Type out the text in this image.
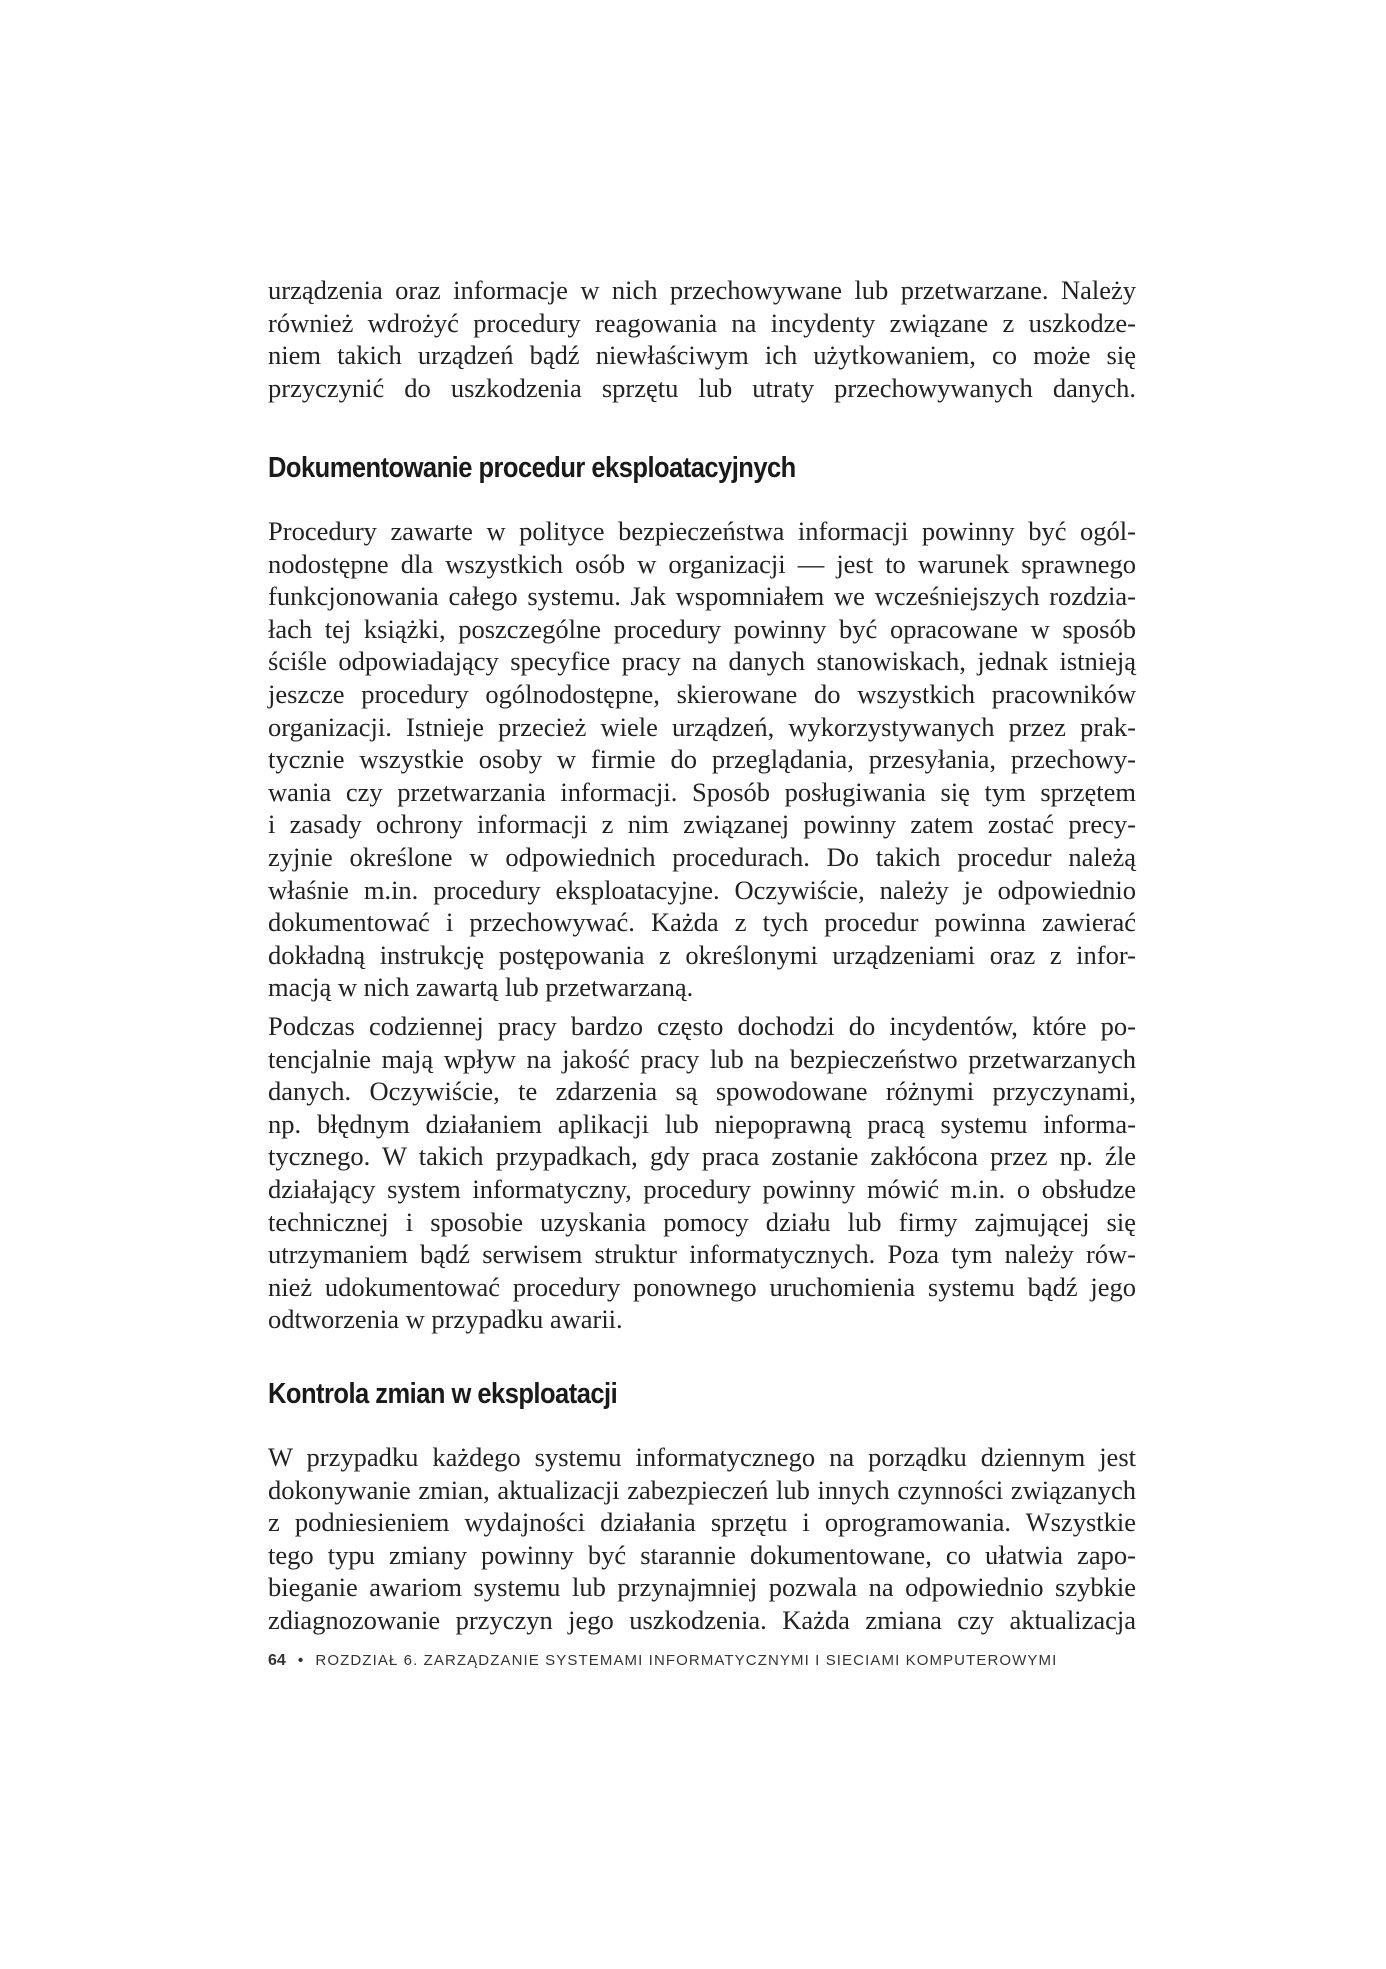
urządzenia oraz informacje w nich przechowywane lub przetwarzane. Należy
również wdrożyć procedury reagowania na incydenty związane z uszkodze-
niem takich urządzeń bądź niewłaściwym ich użytkowaniem, co może się
przyczynić do uszkodzenia sprzętu lub utraty przechowywanych danych.
Dokumentowanie procedur eksploatacyjnych
Procedury zawarte w polityce bezpieczeństwa informacji powinny być ogól-
nodostępne dla wszystkich osób w organizacji — jest to warunek sprawnego
funkcjonowania całego systemu. Jak wspomniałem we wcześniejszych rozdzia-
łach tej książki, poszczególne procedury powinny być opracowane w sposób
ściśle odpowiadający specyfice pracy na danych stanowiskach, jednak istnieją
jeszcze procedury ogólnodostępne, skierowane do wszystkich pracowników
organizacji. Istnieje przecież wiele urządzeń, wykorzystywanych przez prak-
tycznie wszystkie osoby w firmie do przeglądania, przesyłania, przechowy-
wania czy przetwarzania informacji. Sposób posługiwania się tym sprzętem
i zasady ochrony informacji z nim związanej powinny zatem zostać precy-
zyjnie określone w odpowiednich procedurach. Do takich procedur należą
właśnie m.in. procedury eksploatacyjne. Oczywiście, należy je odpowiednio
dokumentować i przechowywać. Każda z tych procedur powinna zawierać
dokładną instrukcję postępowania z określonymi urządzeniami oraz z infor-
macją w nich zawartą lub przetwarzaną.
Podczas codziennej pracy bardzo często dochodzi do incydentów, które po-
tencjalnie mają wpływ na jakość pracy lub na bezpieczeństwo przetwarzanych
danych. Oczywiście, te zdarzenia są spowodowane różnymi przyczynami,
np. błędnym działaniem aplikacji lub niepoprawną pracą systemu informa-
tycznego. W takich przypadkach, gdy praca zostanie zakłócona przez np. źle
działający system informatyczny, procedury powinny mówić m.in. o obsłudze
technicznej i sposobie uzyskania pomocy działu lub firmy zajmującej się
utrzymaniem bądź serwisem struktur informatycznych. Poza tym należy rów-
nież udokumentować procedury ponownego uruchomienia systemu bądź jego
odtworzenia w przypadku awarii.
Kontrola zmian w eksploatacji
W przypadku każdego systemu informatycznego na porządku dziennym jest
dokonywanie zmian, aktualizacji zabezpieczeń lub innych czynności związanych
z podniesieniem wydajności działania sprzętu i oprogramowania. Wszystkie
tego typu zmiany powinny być starannie dokumentowane, co ułatwia zapo-
bieganie awariom systemu lub przynajmniej pozwala na odpowiednio szybkie
zdiagnozowanie przyczyn jego uszkodzenia. Każda zmiana czy aktualizacja
64 • ROZDZIAŁ 6. ZARZĄDZANIE SYSTEMAMI INFORMATYCZNYMI I SIECIAMI KOMPUTEROWYMI
